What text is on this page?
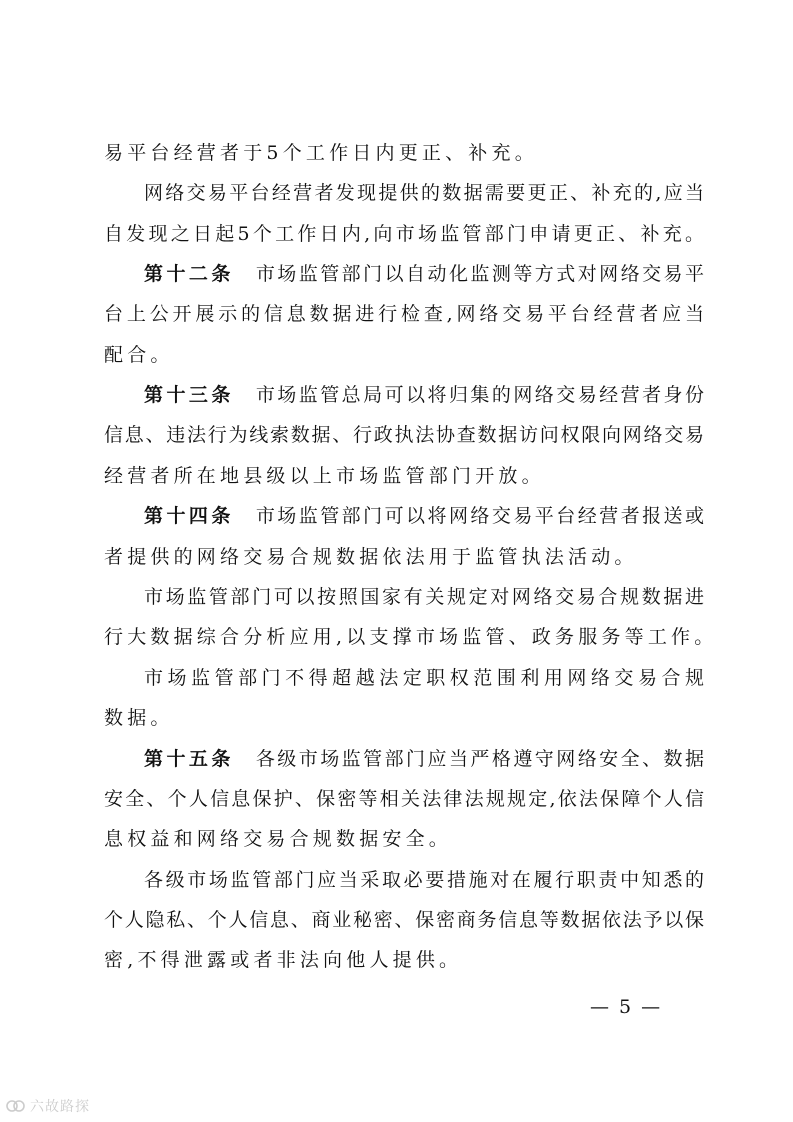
易平台经营者于5个工作日内更正、补充。
网络交易平台经营者发现提供的数据需要更正、补充的,应当
自发现之日起5个工作日内,向市场监管部门申请更正、补充。
第十二条 市场监管部门以自动化监测等方式对网络交易平
台上公开展示的信息数据进行检查,网络交易平台经营者应当
配合。
第十三条 市场监管总局可以将归集的网络交易经营者身份
信息、违法行为线索数据、行政执法协查数据访问权限向网络交易
经营者所在地县级以上市场监管部门开放。
第十四条 市场监管部门可以将网络交易平台经营者报送或
者提供的网络交易合规数据依法用于监管执法活动。
市场监管部门可以按照国家有关规定对网络交易合规数据进
行大数据综合分析应用,以支撑市场监管、政务服务等工作。
市场监管部门不得超越法定职权范围利用网络交易合规
数据。
第十五条 各级市场监管部门应当严格遵守网络安全、数据
安全、个人信息保护、保密等相关法律法规规定,依法保障个人信
息权益和网络交易合规数据安全。
各级市场监管部门应当采取必要措施对在履行职责中知悉的
个人隐私、个人信息、商业秘密、保密商务信息等数据依法予以保
密,不得泄露或者非法向他人提供。
— 5 —
六故路探
